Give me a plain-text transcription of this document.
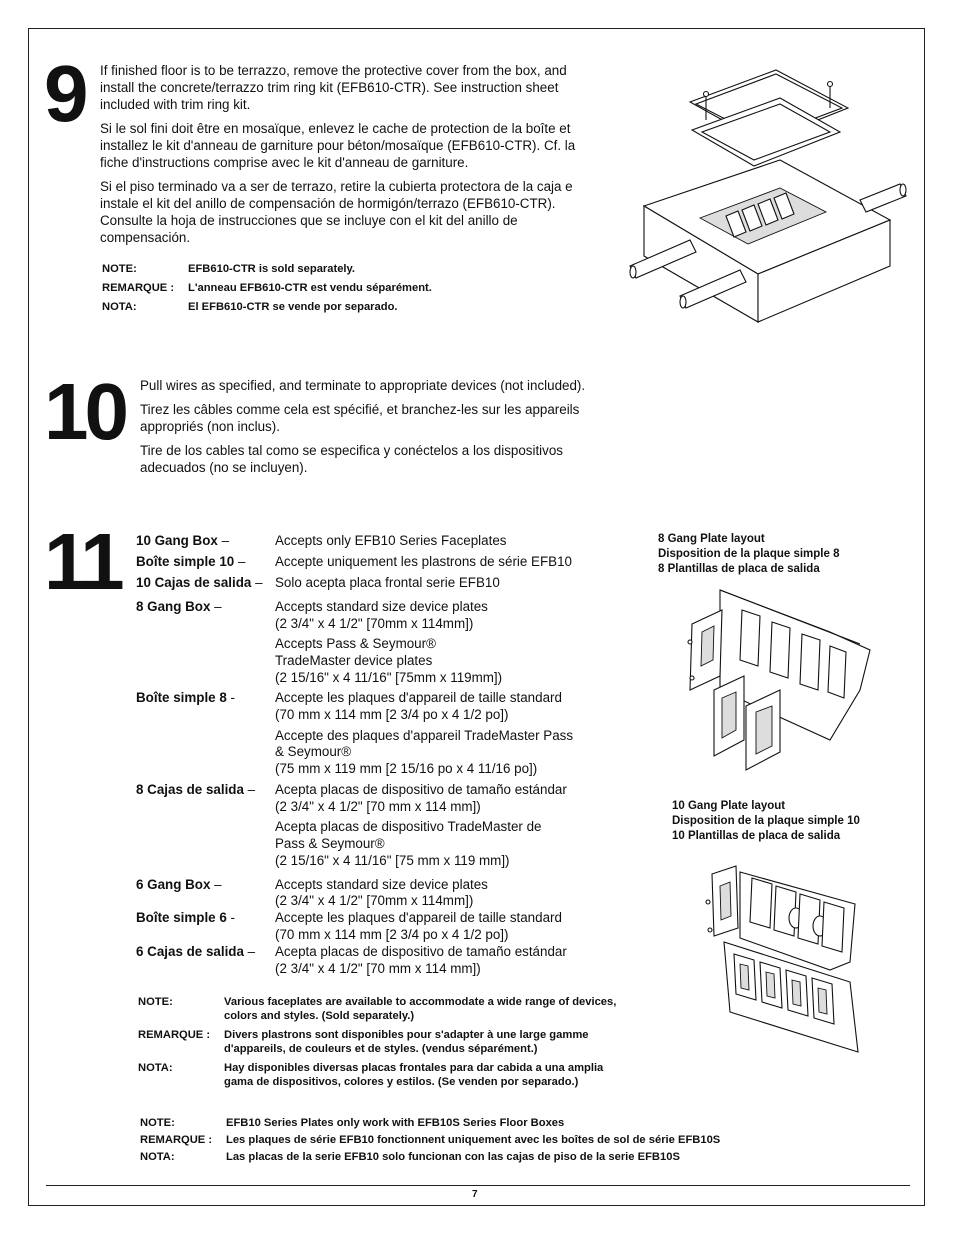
9 If finished floor is to be terrazzo, remove the protective cover from the box, and install the concrete/terrazzo trim ring kit (EFB610-CTR). See instruction sheet included with trim ring kit.

Si le sol fini doit être en mosaïque, enlevez le cache de protection de la boîte et installez le kit d'anneau de garniture pour béton/mosaïque (EFB610-CTR). Cf. la fiche d'instructions comprise avec le kit d'anneau de garniture.

Si el piso terminado va a ser de terrazo, retire la cubierta protectora de la caja e instale el kit del anillo de compensación de hormigón/terrazo (EFB610-CTR). Consulte la hoja de instrucciones que se incluye con el kit del anillo de compensación.

NOTE:	EFB610-CTR is sold separately.
REMARQUE :	L'anneau EFB610-CTR est vendu séparément.
NOTA:	El EFB610-CTR se vende por separado.
10 Pull wires as specified, and terminate to appropriate devices (not included).

Tirez les câbles comme cela est spécifié, et branchez-les sur les appareils appropriés (non inclus).

Tire de los cables tal como se especifica y conéctelos a los dispositivos adecuados (no se incluyen).

11 10 Gang Box –	Accepts only EFB10 Series Faceplates
Boîte simple 10 – Accepte uniquement les plastrons de série EFB10
10 Cajas de salida – Solo acepta placa frontal serie EFB10
8 Gang Box –	Accepts standard size device plates
(2 3/4" x 4 1/2" [70mm x 114mm])
Accepts Pass & Seymour®
TradeMaster device plates
(2 15/16" x 4 11/16" [75mm x 119mm])
Boîte simple 8 -	Accepte les plaques d'appareil de taille standard
(70 mm x 114 mm [2 3/4 po x 4 1/2 po])
Accepte des plaques d'appareil TradeMaster Pass
& Seymour®
(75 mm x 119 mm [2 15/16 po x 4 11/16 po])
8 Cajas de salida – Acepta placas de dispositivo de tamaño estándar
(2 3/4" x 4 1/2" [70 mm x 114 mm])
Acepta placas de dispositivo TradeMaster de
Pass & Seymour®
(2 15/16" x 4 11/16" [75 mm x 119 mm])
6 Gang Box –	Accepts standard size device plates
(2 3/4" x 4 1/2" [70mm x 114mm])
Boîte simple 6 -	Accepte les plaques d'appareil de taille standard
(70 mm x 114 mm [2 3/4 po x 4 1/2 po])
6 Cajas de salida – Acepta placas de dispositivo de tamaño estándar
(2 3/4" x 4 1/2" [70 mm x 114 mm])
NOTE:	Various faceplates are available to accommodate a wide range of devices, colors and styles. (Sold separately.)
REMARQUE :	Divers plastrons sont disponibles pour s'adapter à une large gamme d'appareils, de couleurs et de styles. (vendus séparément.)
NOTA:	Hay disponibles diversas placas frontales para dar cabida a una amplia gama de dispositivos, colores y estilos. (Se venden por separado.)
NOTE:	EFB10 Series Plates only work with EFB10S Series Floor Boxes
REMARQUE :	Les plaques de série EFB10 fonctionnent uniquement avec les boîtes de sol de série EFB10S
NOTA:	Las placas de la serie EFB10 solo funcionan con las cajas de piso de la serie EFB10S
8 Gang Plate layout
Disposition de la plaque simple 8
8 Plantillas de placa de salida
10 Gang Plate layout
Disposition de la plaque simple 10
10 Plantillas de placa de salida
7
